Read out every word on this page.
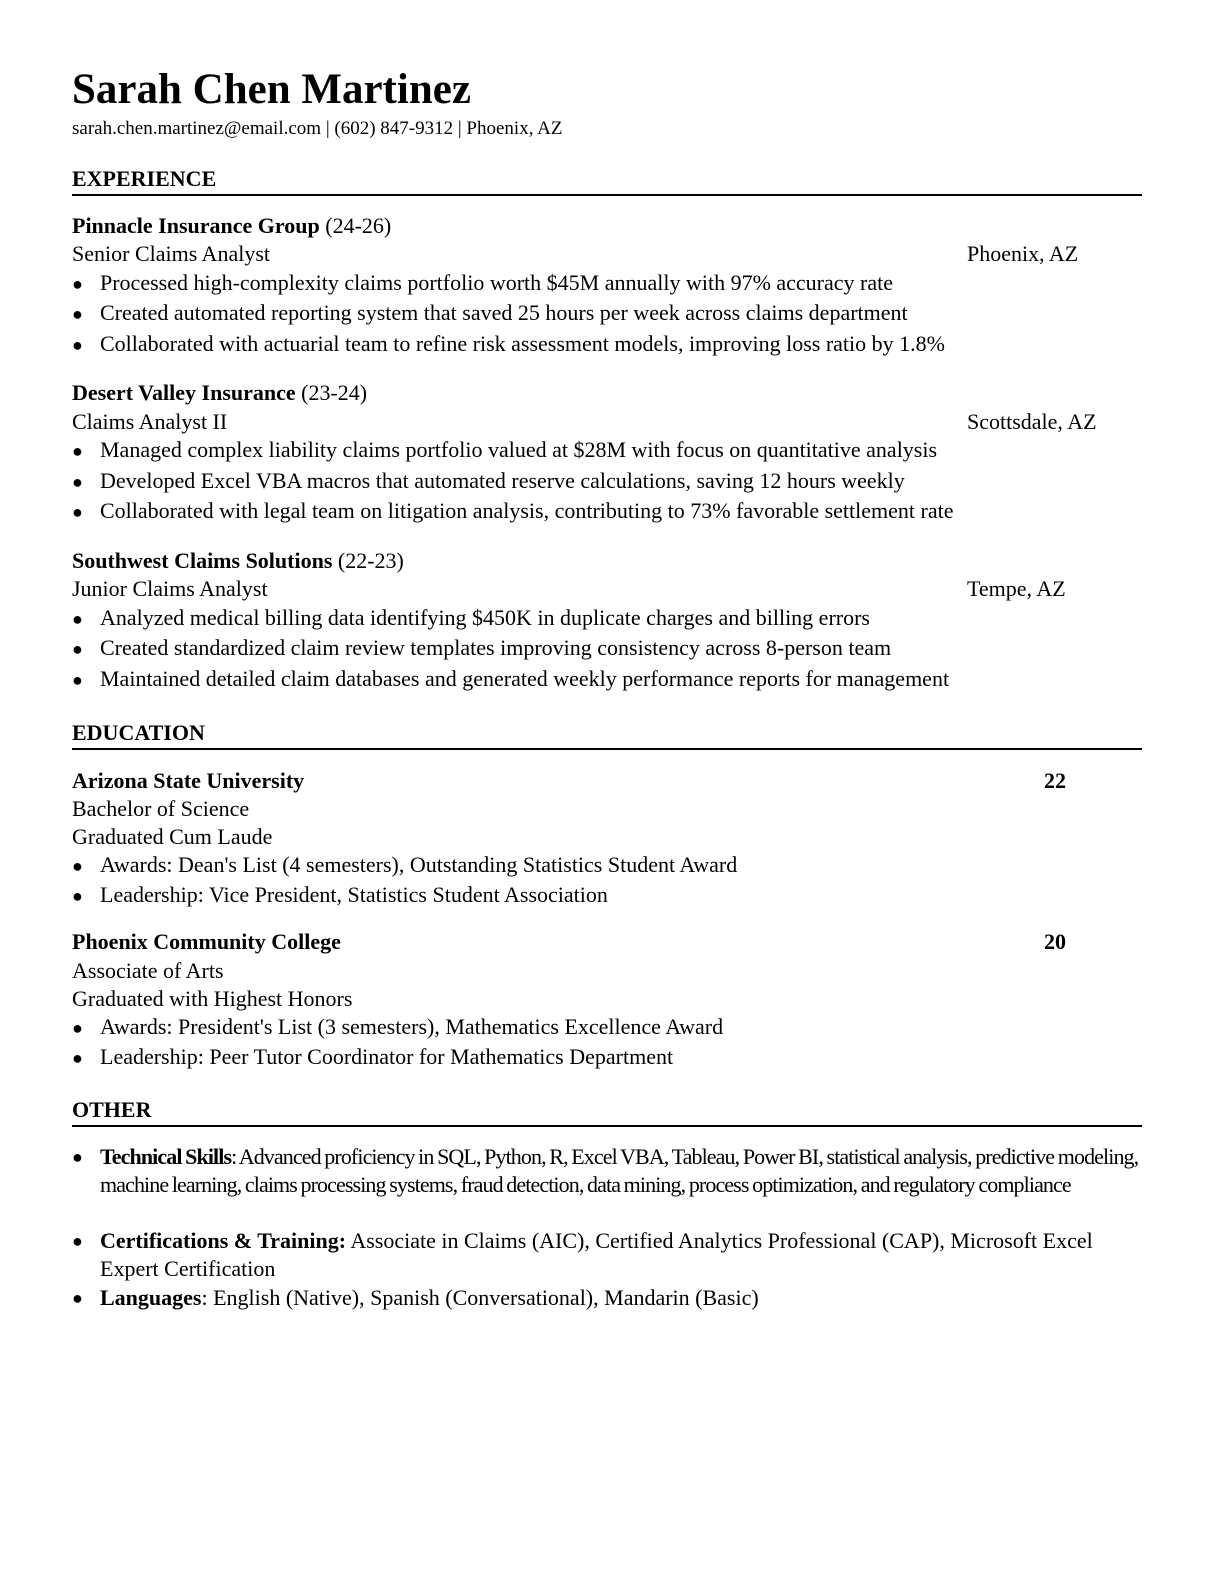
Sarah Chen Martinez
sarah.chen.martinez@email.com | (602) 847-9312 | Phoenix, AZ
EXPERIENCE
Pinnacle Insurance Group (24-26)
Senior Claims Analyst	Phoenix, AZ
● Processed high-complexity claims portfolio worth $45M annually with 97% accuracy rate
● Created automated reporting system that saved 25 hours per week across claims department
● Collaborated with actuarial team to refine risk assessment models, improving loss ratio by 1.8%
Desert Valley Insurance (23-24)
Claims Analyst II	Scottsdale, AZ
● Managed complex liability claims portfolio valued at $28M with focus on quantitative analysis
● Developed Excel VBA macros that automated reserve calculations, saving 12 hours weekly
● Collaborated with legal team on litigation analysis, contributing to 73% favorable settlement rate
Southwest Claims Solutions (22-23)
Junior Claims Analyst	Tempe, AZ
● Analyzed medical billing data identifying $450K in duplicate charges and billing errors
● Created standardized claim review templates improving consistency across 8-person team
● Maintained detailed claim databases and generated weekly performance reports for management
EDUCATION
Arizona State University	22
Bachelor of Science
Graduated Cum Laude
● Awards: Dean's List (4 semesters), Outstanding Statistics Student Award
● Leadership: Vice President, Statistics Student Association
Phoenix Community College	20
Associate of Arts
Graduated with Highest Honors
● Awards: President's List (3 semesters), Mathematics Excellence Award
● Leadership: Peer Tutor Coordinator for Mathematics Department
OTHER
● Technical Skills: Advanced proficiency in SQL, Python, R, Excel VBA, Tableau, Power BI, statistical analysis, predictive modeling, machine learning, claims processing systems, fraud detection, data mining, process optimization, and regulatory compliance
● Certifications & Training: Associate in Claims (AIC), Certified Analytics Professional (CAP), Microsoft Excel Expert Certification
● Languages: English (Native), Spanish (Conversational), Mandarin (Basic)
